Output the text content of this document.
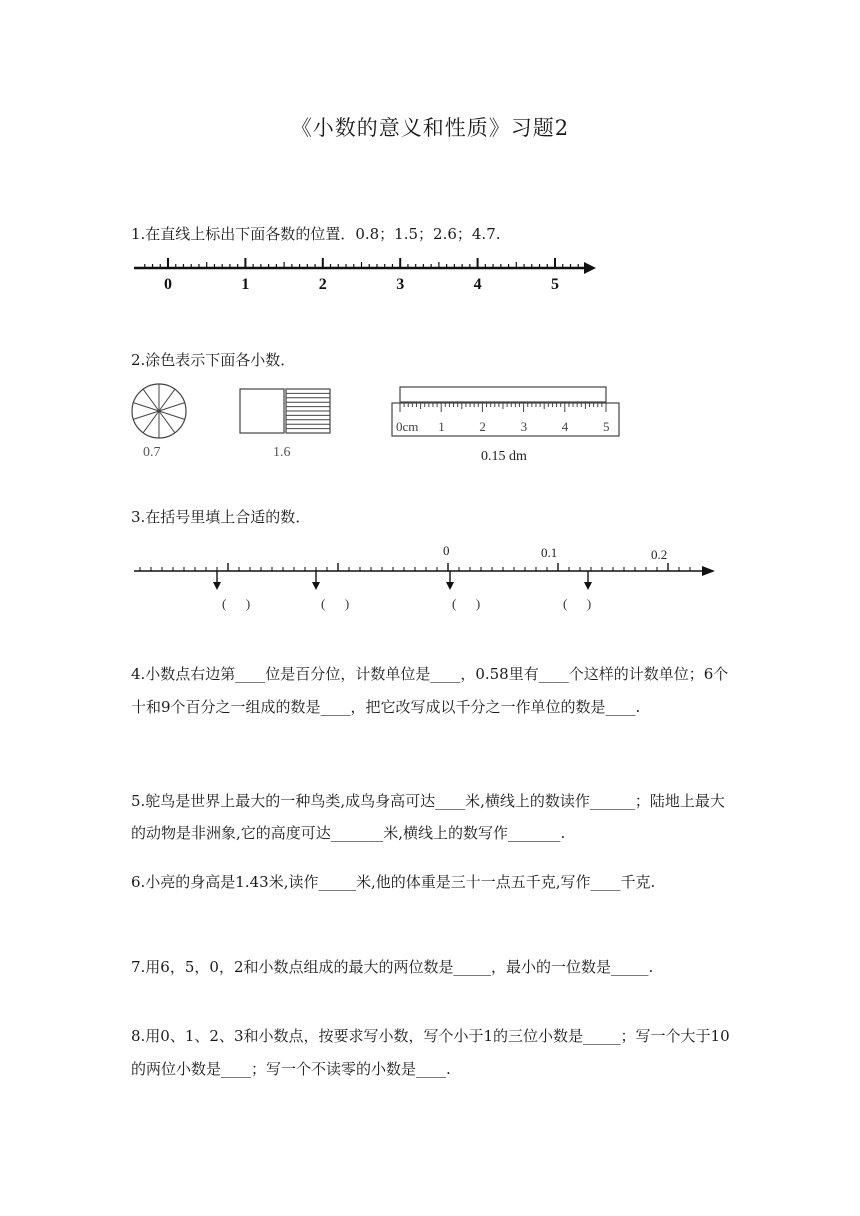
《小数的意义和性质》习题2
1.在直线上标出下面各数的位置．0.8；1.5；2.6；4.7.
0	1	2	3	4	5
2.涂色表示下面各小数．
0cm 1	2	3	4	5
0.7	1.6	0.15 dm
3.在括号里填上合适的数．
0	0.1	0.2
(      )	(      )	(      )	(      )
4.小数点右边第____位是百分位，计数单位是____，0.58里有____个这样的计数单位；6个十和9个百分之一组成的数是____，把它改写成以千分之一作单位的数是____.
5.鸵鸟是世界上最大的一种鸟类,成鸟身高可达____米,横线上的数读作______；陆地上最大的动物是非洲象,它的高度可达_______米,横线上的数写作_______.
6.小亮的身高是1.43米,读作_____米,他的体重是三十一点五千克,写作____千克.
7.用6，5，0，2和小数点组成的最大的两位数是_____，最小的一位数是_____.
8.用0、1、2、3和小数点，按要求写小数，写个小于1的三位小数是_____；写一个大于10的两位小数是____；写一个不读零的小数是____.
